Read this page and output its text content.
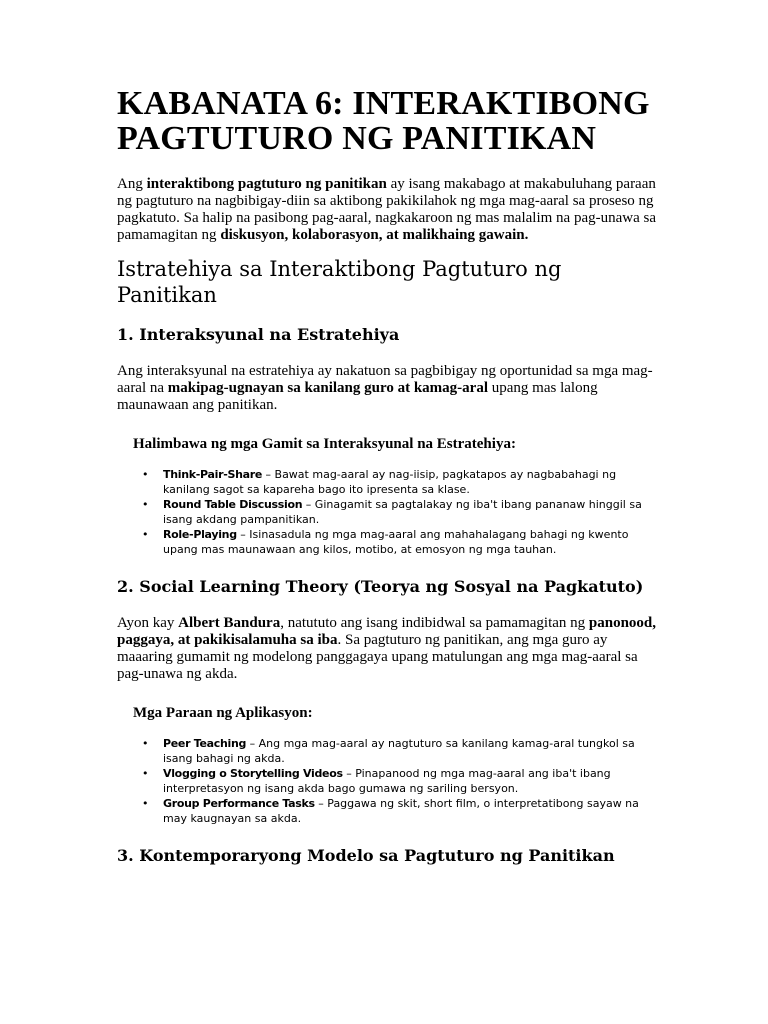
KABANATA 6: INTERAKTIBONG PAGTUTURO NG PANITIKAN

Ang interaktibong pagtuturo ng panitikan ay isang makabago at makabuluhang paraan ng pagtuturo na nagbibigay-diin sa aktibong pakikilahok ng mga mag-aaral sa proseso ng pagkatuto. Sa halip na pasibong pag-aaral, nagkakaroon ng mas malalim na pag-unawa sa pamamagitan ng diskusyon, kolaborasyon, at malikhaing gawain.

Istratehiya sa Interaktibong Pagtuturo ng Panitikan
1. Interaksyunal na Estratehiya

Ang interaksyunal na estratehiya ay nakatuon sa pagbibigay ng oportunidad sa mga mag-aaral na makipag-ugnayan sa kanilang guro at kamag-aral upang mas lalong maunawaan ang panitikan.

Halimbawa ng mga Gamit sa Interaksyunal na Estratehiya:

• Think-Pair-Share – Bawat mag-aaral ay nag-iisip, pagkatapos ay nagbabahagi ng kanilang sagot sa kapareha bago ito ipresenta sa klase.
• Round Table Discussion – Ginagamit sa pagtalakay ng iba't ibang pananaw hinggil sa isang akdang pampanitikan.
• Role-Playing – Isinasadula ng mga mag-aaral ang mahahalagang bahagi ng kwento upang mas maunawaan ang kilos, motibo, at emosyon ng mga tauhan.
2. Social Learning Theory (Teorya ng Sosyal na Pagkatuto)

Ayon kay Albert Bandura, natututo ang isang indibidwal sa pamamagitan ng panonood, paggaya, at pakikisalamuha sa iba. Sa pagtuturo ng panitikan, ang mga guro ay maaaring gumamit ng modelong panggagaya upang matulungan ang mga mag-aaral sa pag-unawa ng akda.

Mga Paraan ng Aplikasyon:

• Peer Teaching – Ang mga mag-aaral ay nagtuturo sa kanilang kamag-aral tungkol sa isang bahagi ng akda.
• Vlogging o Storytelling Videos – Pinapanood ng mga mag-aaral ang iba't ibang interpretasyon ng isang akda bago gumawa ng sariling bersyon.
• Group Performance Tasks – Paggawa ng skit, short film, o interpretatibong sayaw na may kaugnayan sa akda.
3. Kontemporaryong Modelo sa Pagtuturo ng Panitikan
